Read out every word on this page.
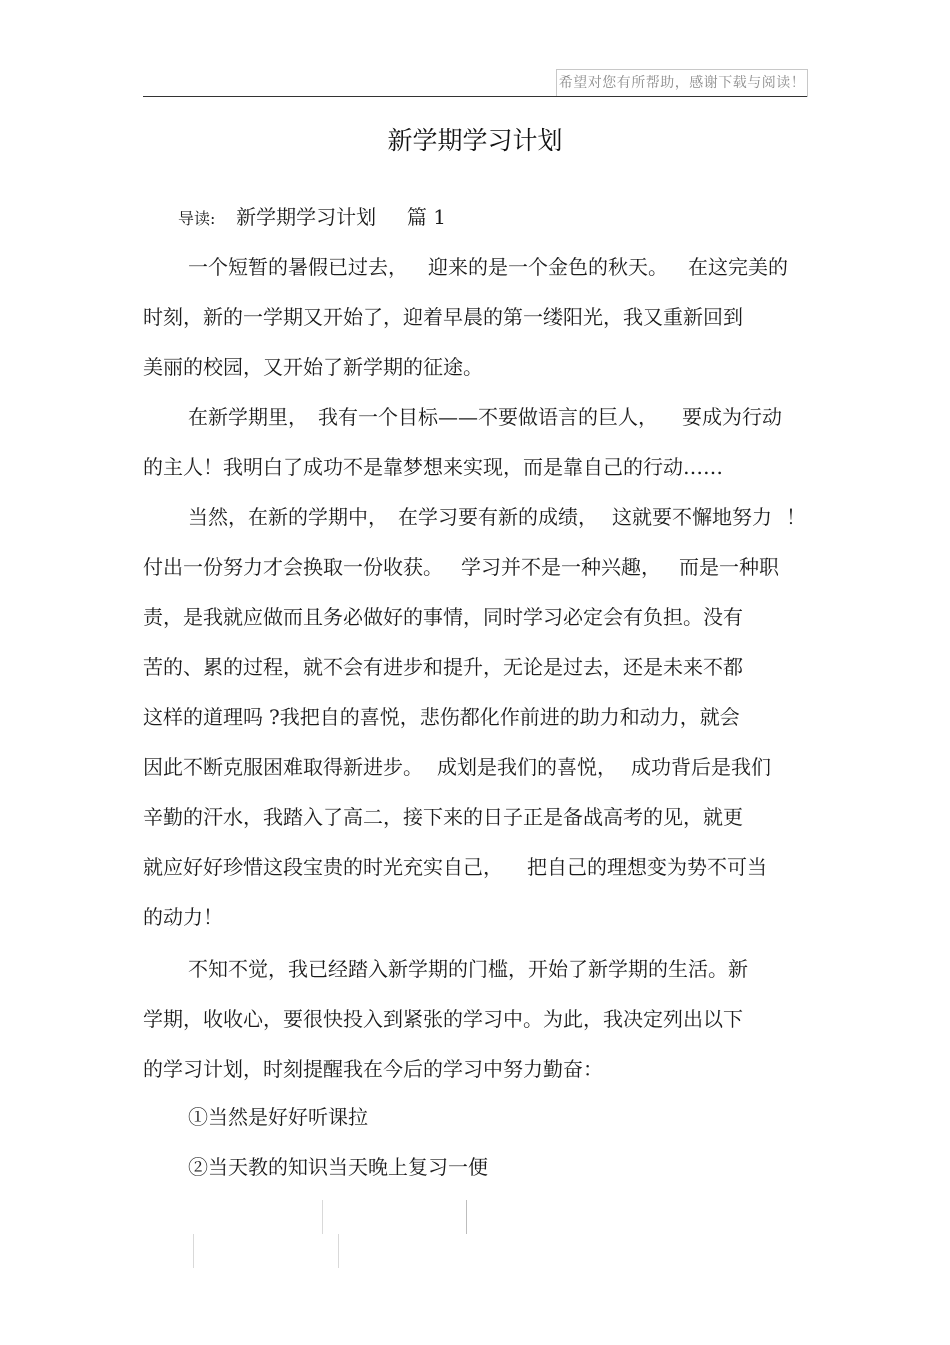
希望对您有所帮助，感谢下载与阅读！
新学期学习计划
导读: 新学期学习计划 篇 1
一个短暂的暑假已过去， 迎来的是一个金色的秋天。 在这完美的
时刻，新的一学期又开始了，迎着早晨的第一缕阳光，我又重新回到
美丽的校园，又开始了新学期的征途。
在新学期里， 我有一个目标——不要做语言的巨人， 要成为行动
的主人！我明白了成功不是靠梦想来实现，而是靠自己的行动……
当然，在新的学期中， 在学习要有新的成绩， 这就要不懈地努力 ！
付出一份努力才会换取一份收获。 学习并不是一种兴趣， 而是一种职
责，是我就应做而且务必做好的事情，同时学习必定会有负担。没有
苦的、累的过程，就不会有进步和提升，无论是过去，还是未来不都
这样的道理吗 ?我把自的喜悦，悲伤都化作前进的助力和动力，就会
因此不断克服困难取得新进步。 成划是我们的喜悦， 成功背后是我们
辛勤的汗水，我踏入了高二，接下来的日子正是备战高考的见，就更
就应好好珍惜这段宝贵的时光充实自己， 把自己的理想变为势不可当
的动力！
不知不觉，我已经踏入新学期的门槛，开始了新学期的生活。新
学期，收收心，要很快投入到紧张的学习中。为此，我决定列出以下
的学习计划，时刻提醒我在今后的学习中努力勤奋：
①当然是好好听课拉
②当天教的知识当天晚上复习一便
